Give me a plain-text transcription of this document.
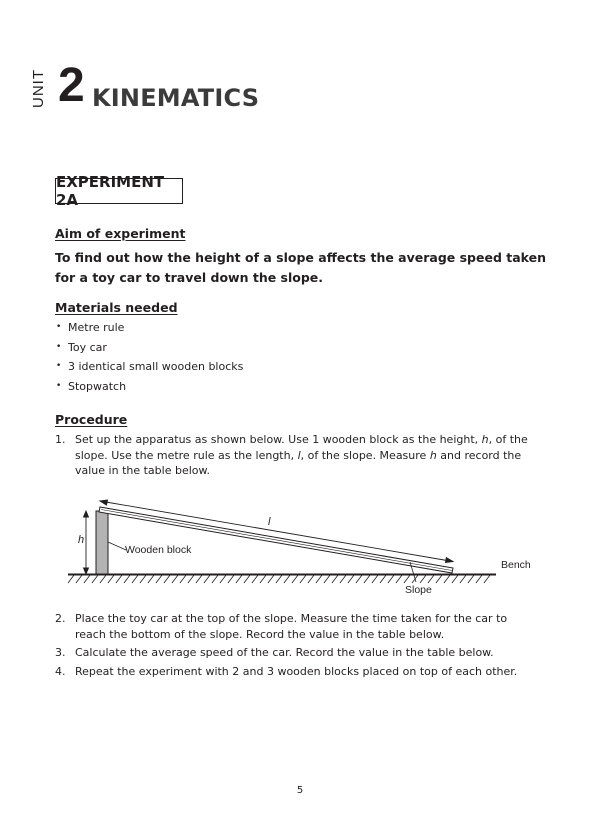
UNIT 2 KINEMATICS
EXPERIMENT 2A
Aim of experiment
To find out how the height of a slope affects the average speed taken for a toy car to travel down the slope.
Materials needed
• Metre rule
• Toy car
• 3 identical small wooden blocks
• Stopwatch
Procedure
1. Set up the apparatus as shown below. Use 1 wooden block as the height, h, of the slope. Use the metre rule as the length, l, of the slope. Measure h and record the value in the table below.
h
l
Wooden block
Bench
Slope
2. Place the toy car at the top of the slope. Measure the time taken for the car to reach the bottom of the slope. Record the value in the table below.
3. Calculate the average speed of the car. Record the value in the table below.
4. Repeat the experiment with 2 and 3 wooden blocks placed on top of each other.
5
